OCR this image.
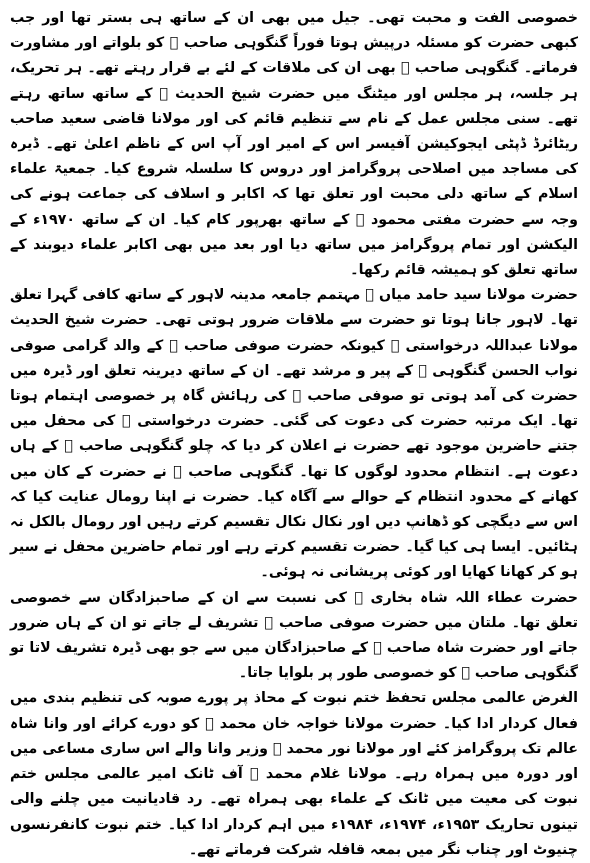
خصوصی الفت و محبت تھی۔ جیل میں بھی ان کے ساتھ ہی بستر تھا اور جب کبھی حضرت کو مسئلہ درپیش ہوتا فوراً گنگوہی صاحب ﷫ کو بلواتے اور مشاورت فرماتے۔ گنگوہی صاحب ﷫ بھی ان کی ملاقات کے لئے بے قرار رہتے تھے۔ ہر تحریک، ہر جلسہ، ہر مجلس اور میٹنگ میں حضرت شیخ الحدیث ﷫ کے ساتھ ساتھ رہتے تھے۔ سنی مجلس عمل کے نام سے تنظیم قائم کی اور مولانا قاضی سعید صاحب ریٹائرڈ ڈپٹی ایجوکیشن آفیسر اس کے امیر اور آپ اس کے ناظم اعلیٰ تھے۔ ڈیرہ کی مساجد میں اصلاحی پروگرامز اور دروس کا سلسلہ شروع کیا۔ جمعیۃ علماء اسلام کے ساتھ دلی محبت اور تعلق تھا کہ اکابر و اسلاف کی جماعت ہونے کی وجہ سے حضرت مفتی محمود ﷫ کے ساتھ بھرپور کام کیا۔ ان کے ساتھ ۱۹۷۰ء کے الیکشن اور تمام پروگرامز میں ساتھ دیا اور بعد میں بھی اکابر علماء دیوبند کے ساتھ تعلق کو ہمیشہ قائم رکھا۔

حضرت مولانا سید حامد میاں ﷫ مہتمم جامعہ مدینہ لاہور کے ساتھ کافی گہرا تعلق تھا۔ لاہور جانا ہوتا تو حضرت سے ملاقات ضرور ہوتی تھی۔ حضرت شیخ الحدیث مولانا عبداللہ درخواستی ﷫ کیونکہ حضرت صوفی صاحب ﷫ کے والد گرامی صوفی نواب الحسن گنگوہی ﷫ کے پیر و مرشد تھے۔ ان کے ساتھ دیرینہ تعلق اور ڈیرہ میں حضرت کی آمد ہوتی تو صوفی صاحب ﷫ کی رہائش گاہ پر خصوصی اہتمام ہوتا تھا۔ ایک مرتبہ حضرت کی دعوت کی گئی۔ حضرت درخواستی ﷫ کی محفل میں جتنے حاضرین موجود تھے حضرت نے اعلان کر دیا کہ چلو گنگوہی صاحب ﷫ کے ہاں دعوت ہے۔ انتظام محدود لوگوں کا تھا۔ گنگوہی صاحب ﷫ نے حضرت کے کان میں کھانے کے محدود انتظام کے حوالے سے آگاہ کیا۔ حضرت نے اپنا رومال عنایت کیا کہ اس سے دیگچی کو ڈھانپ دیں اور نکال نکال تقسیم کرتے رہیں اور رومال بالکل نہ ہٹائیں۔ ایسا ہی کیا گیا۔ حضرت تقسیم کرتے رہے اور تمام حاضرین محفل نے سیر ہو کر کھانا کھایا اور کوئی پریشانی نہ ہوئی۔

حضرت عطاء اللہ شاہ بخاری ﷫ کی نسبت سے ان کے صاحبزادگان سے خصوصی تعلق تھا۔ ملتان میں حضرت صوفی صاحب ﷫ تشریف لے جاتے تو ان کے ہاں ضرور جاتے اور حضرت شاہ صاحب ﷫ کے صاحبزادگان میں سے جو بھی ڈیرہ تشریف لاتا تو گنگوہی صاحب ﷫ کو خصوصی طور پر بلوایا جاتا۔

الغرض عالمی مجلس تحفظ ختم نبوت کے محاذ پر پورے صوبہ کی تنظیم بندی میں فعال کردار ادا کیا۔ حضرت مولانا خواجہ خان محمد ﷫ کو دورے کرائے اور وانا شاہ عالم تک پروگرامز کئے اور مولانا نور محمد ﷫ وزیر وانا والے اس ساری مساعی میں اور دورہ میں ہمراہ رہے۔ مولانا غلام محمد ﷫ آف ٹانک امیر عالمی مجلس ختم نبوت کی معیت میں ٹانک کے علماء بھی ہمراہ تھے۔ رد قادیانیت میں چلنے والی تینوں تحاریک ۱۹۵۳ء، ۱۹۷۴ء، ۱۹۸۴ء میں اہم کردار ادا کیا۔ ختم نبوت کانفرنسوں چنیوٹ اور چناب نگر میں بمعہ قافلہ شرکت فرماتے تھے۔
